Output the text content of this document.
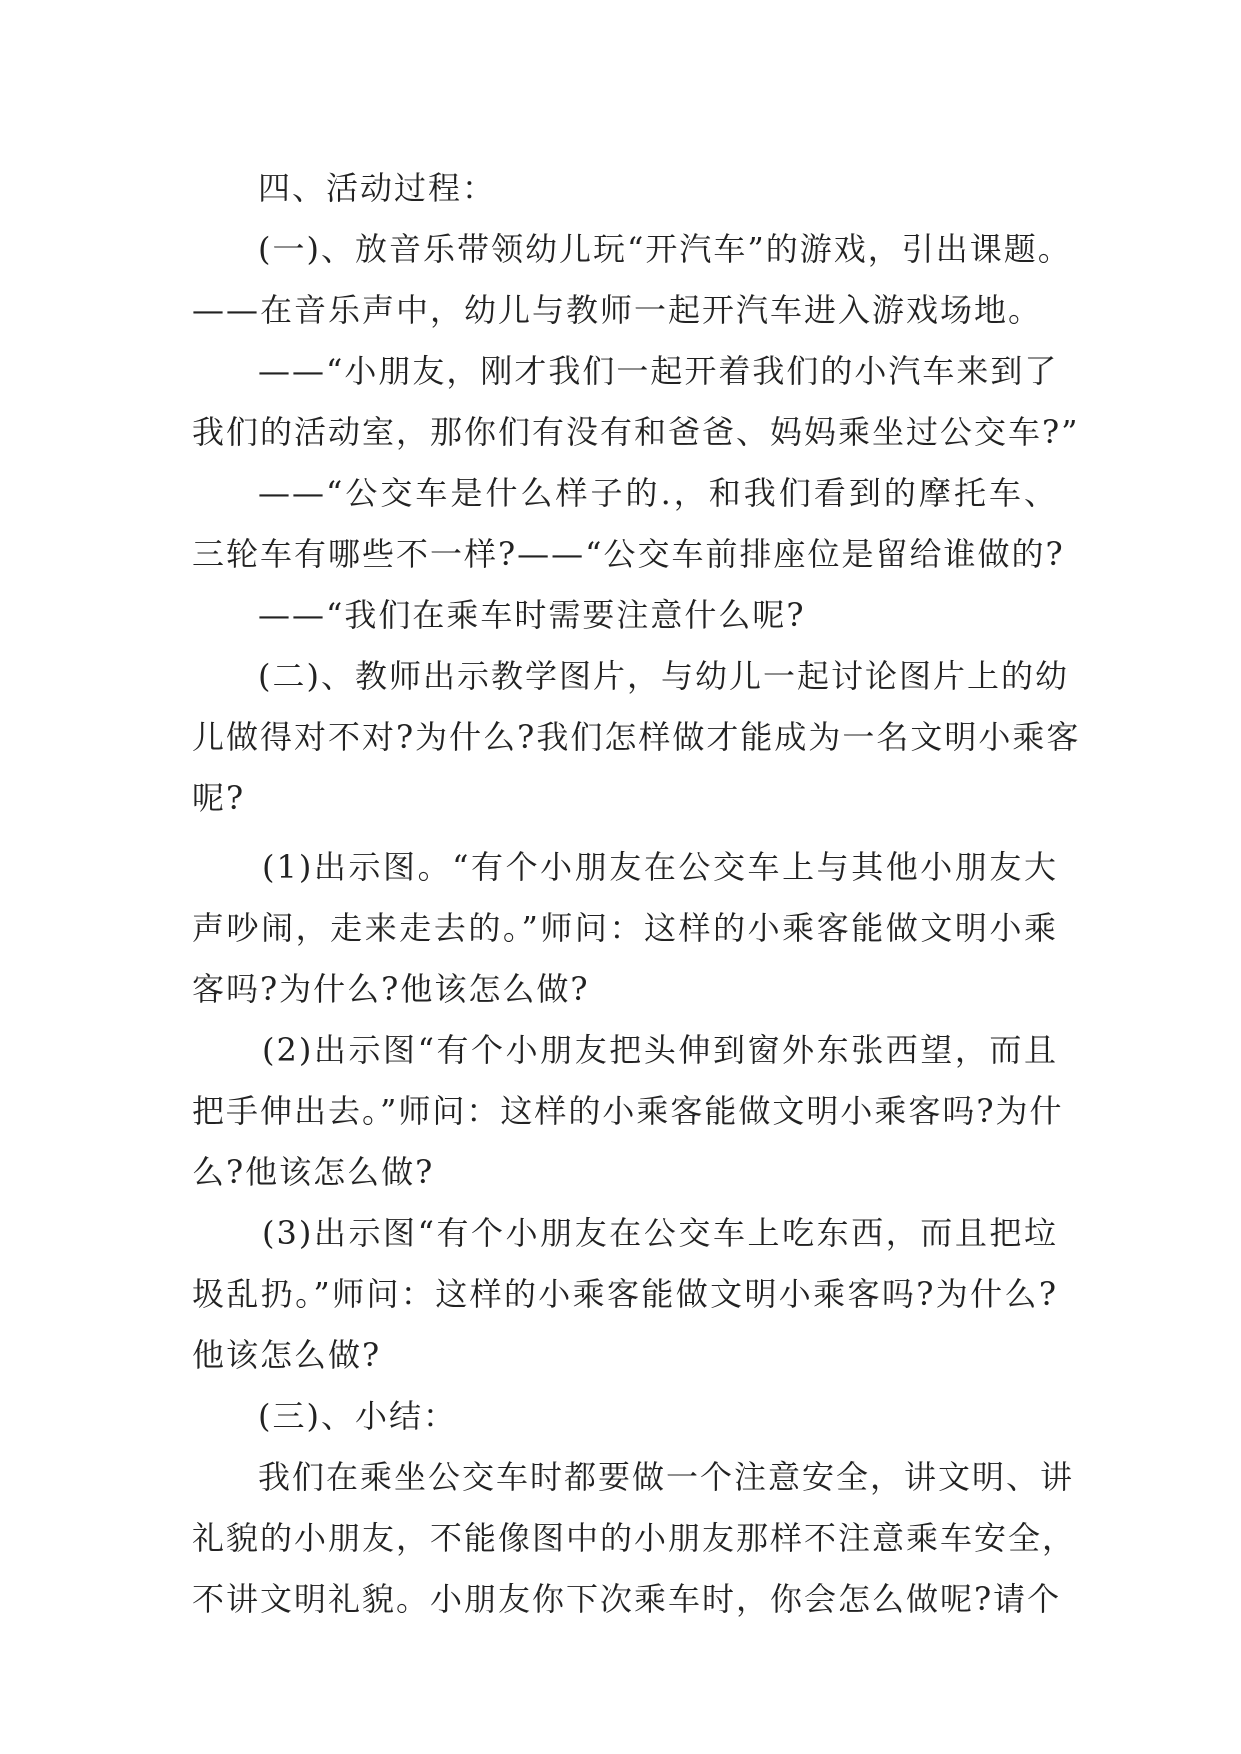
四、活动过程：
(一)、放音乐带领幼儿玩“开汽车”的游戏，引出课题。
——在音乐声中，幼儿与教师一起开汽车进入游戏场地。
——“小朋友，刚才我们一起开着我们的小汽车来到了
我们的活动室，那你们有没有和爸爸、妈妈乘坐过公交车?”
——“公交车是什么样子的.，和我们看到的摩托车、
三轮车有哪些不一样?——“公交车前排座位是留给谁做的?
——“我们在乘车时需要注意什么呢?
(二)、教师出示教学图片，与幼儿一起讨论图片上的幼
儿做得对不对?为什么?我们怎样做才能成为一名文明小乘客
呢?
(1)出示图。“有个小朋友在公交车上与其他小朋友大
声吵闹，走来走去的。”师问：这样的小乘客能做文明小乘
客吗?为什么?他该怎么做?
(2)出示图“有个小朋友把头伸到窗外东张西望，而且
把手伸出去。”师问：这样的小乘客能做文明小乘客吗?为什
么?他该怎么做?
(3)出示图“有个小朋友在公交车上吃东西，而且把垃
圾乱扔。”师问：这样的小乘客能做文明小乘客吗?为什么?
他该怎么做?
(三)、小结：
我们在乘坐公交车时都要做一个注意安全，讲文明、讲
礼貌的小朋友，不能像图中的小朋友那样不注意乘车安全，
不讲文明礼貌。小朋友你下次乘车时，你会怎么做呢?请个
